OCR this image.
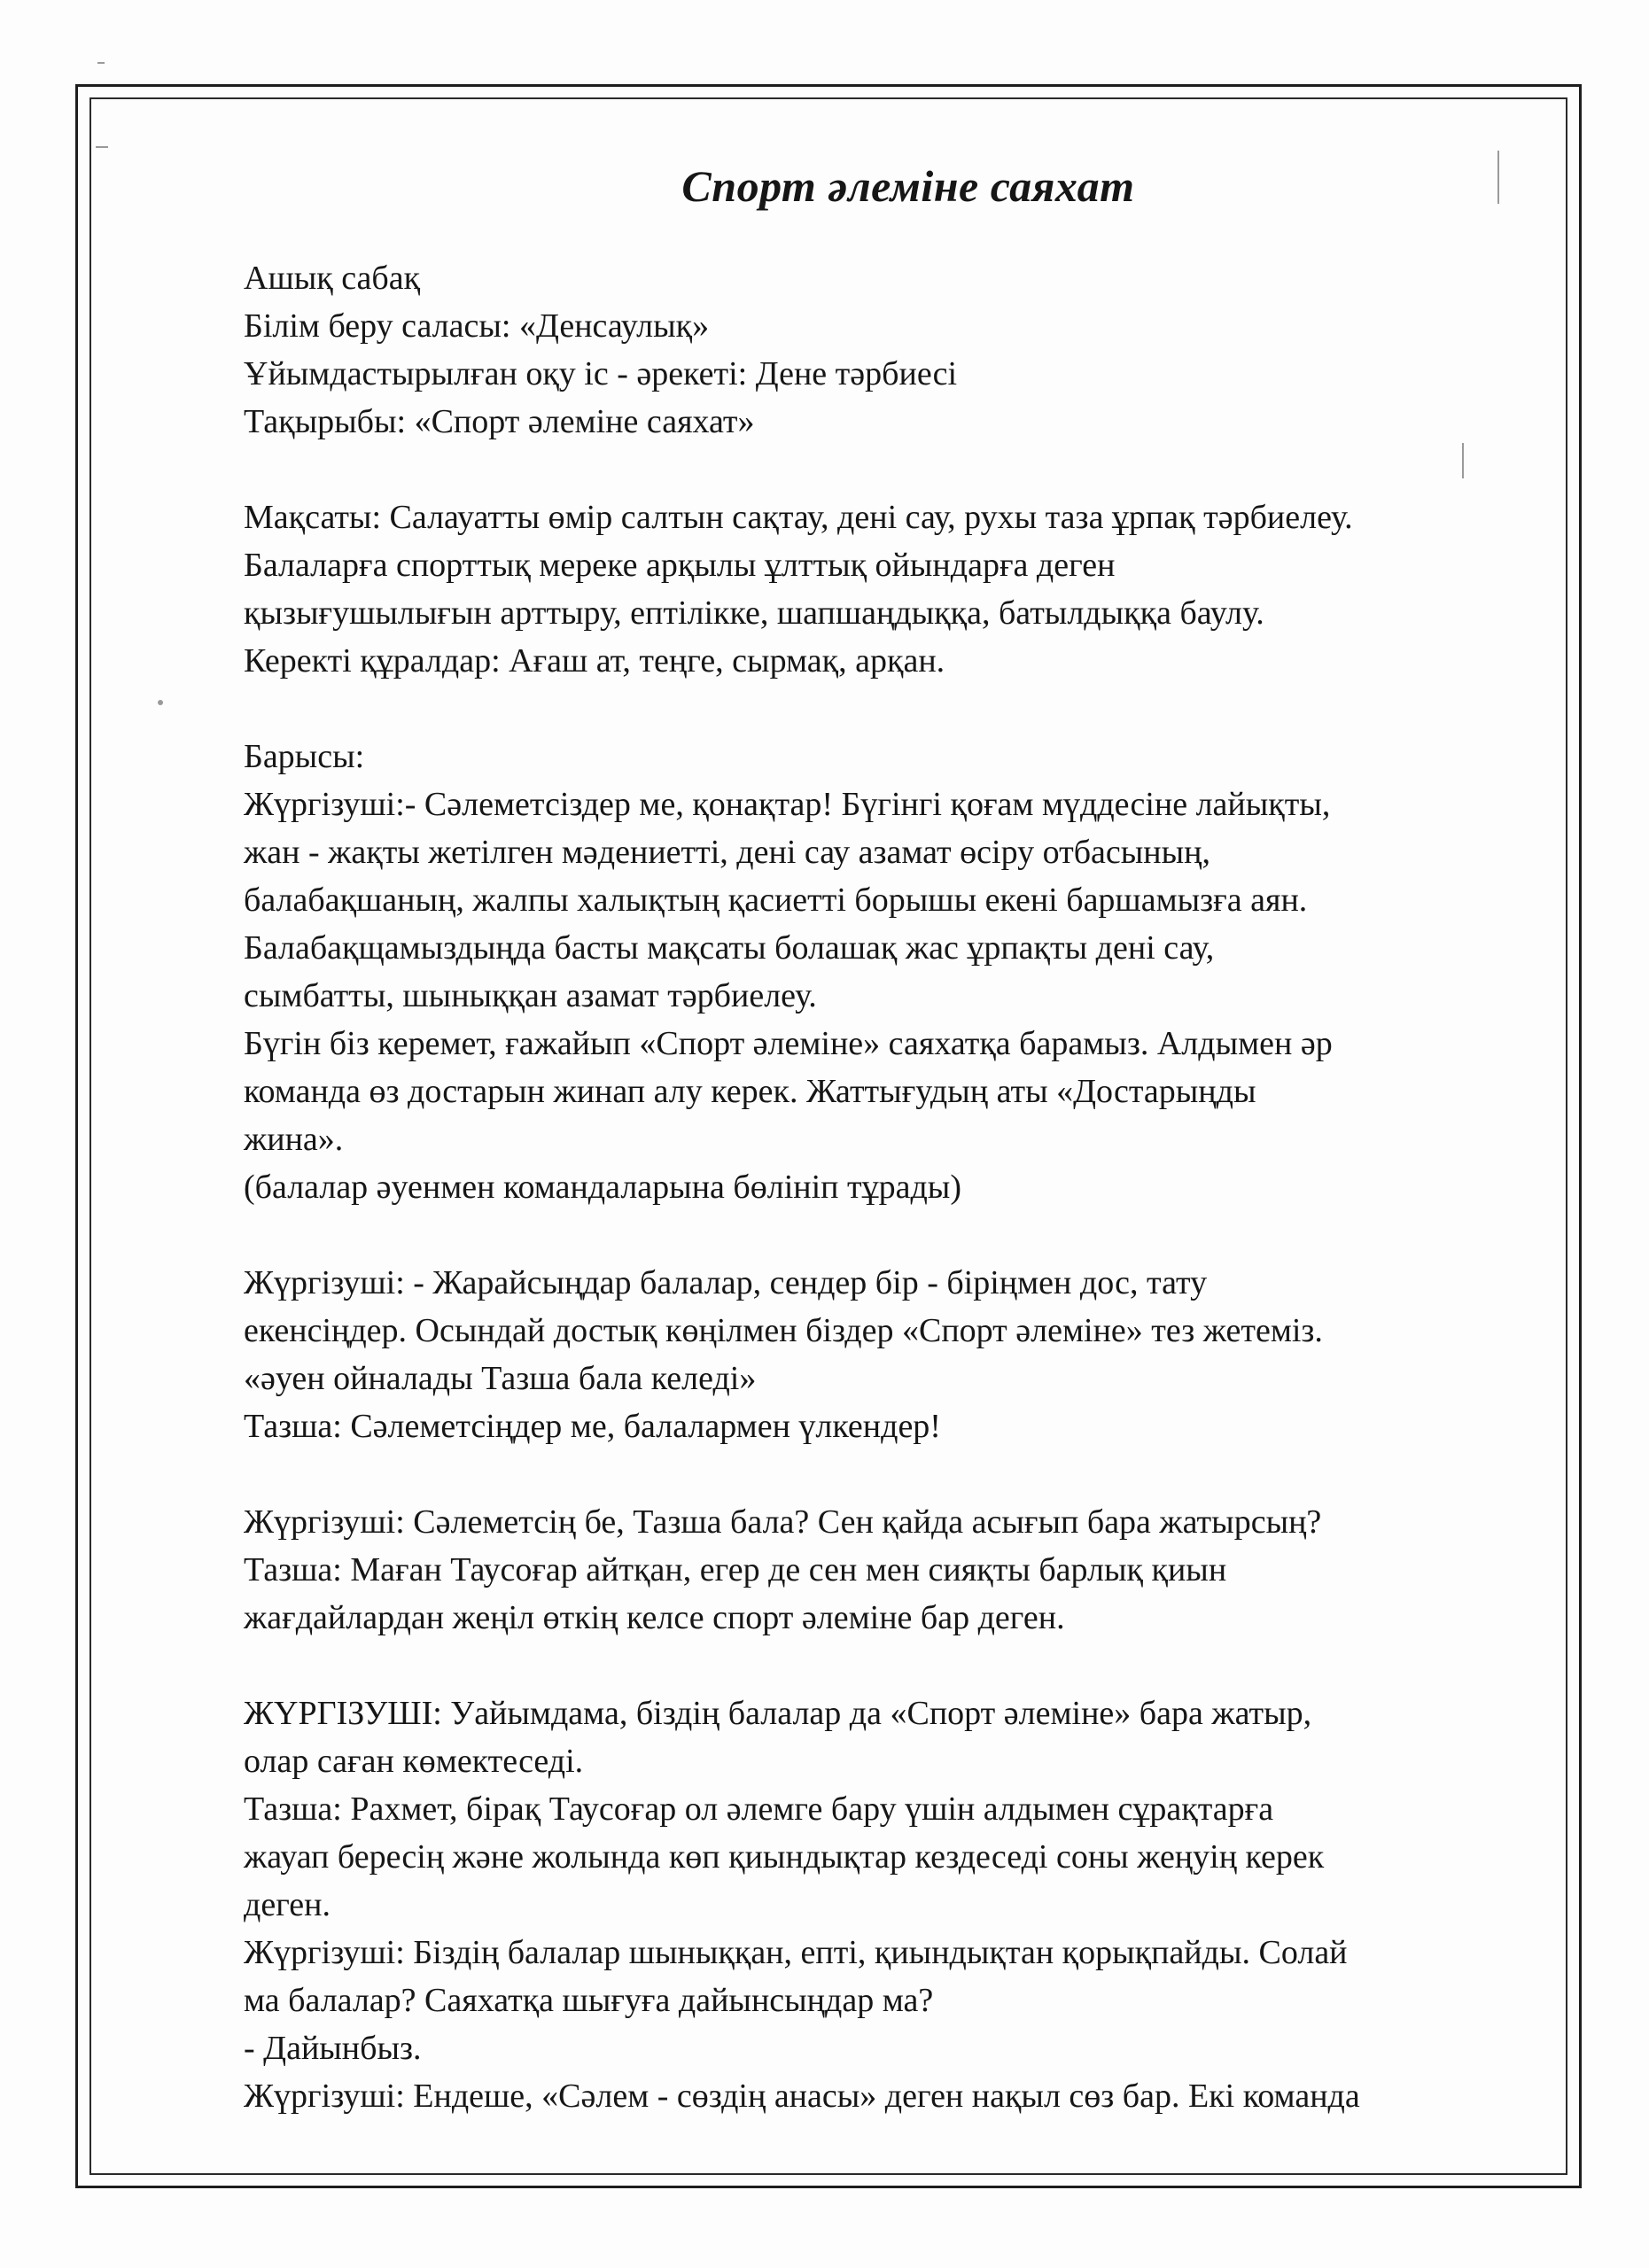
Спорт әлеміне саяхат

Ашық сабақ

Білім беру саласы: «Денсаулық»

Ұйымдастырылған оқу іс - әрекеті: Дене тәрбиесі

Тақырыбы: «Спорт әлеміне саяхат»

Мақсаты: Салауатты өмір салтын сақтау, дені сау, рухы таза ұрпақ тәрбиелеу.

Балаларға спорттық мереке арқылы ұлттық ойындарға деген

қызығушылығын арттыру, ептілікке, шапшаңдыққа, батылдыққа баулу.

Керекті құралдар: Ағаш ат, теңге, сырмақ, арқан.

Барысы:

Жүргізуші:- Сәлеметсіздер ме, қонақтар! Бүгінгі қоғам мүддесіне лайықты,

жан - жақты жетілген мәдениетті, дені сау азамат өсіру отбасының,

балабақшаның, жалпы халықтың қасиетті борышы екені баршамызға аян.

Балабақщамыздыңда басты мақсаты болашақ жас ұрпақты дені сау,

сымбатты, шыныққан азамат тәрбиелеу.

Бүгін біз керемет, ғажайып «Спорт әлеміне» саяхатқа барамыз. Алдымен әр

команда өз достарын жинап алу керек. Жаттығудың аты «Достарыңды

жина».

(балалар әуенмен командаларына бөлініп тұрады)

Жүргізуші: - Жарайсыңдар балалар, сендер бір - біріңмен дос, тату

екенсіңдер. Осындай достық көңілмен біздер «Спорт әлеміне» тез жетеміз.

«әуен ойналады Тазша бала келеді»

Тазша: Сәлеметсіңдер ме, балалармен үлкендер!

Жүргізуші: Сәлеметсің бе, Тазша бала? Сен қайда асығып бара жатырсың?

Тазша: Маған Таусоғар айтқан, егер де сен мен сияқты барлық қиын

жағдайлардан жеңіл өткің келсе спорт әлеміне бар деген.

ЖҮРГІЗУШІ: Уайымдама, біздің балалар да «Спорт әлеміне» бара жатыр,

олар саған көмектеседі.

Тазша: Рахмет, бірақ Таусоғар ол әлемге бару үшін алдымен сұрақтарға

жауап бересің және жолында көп қиындықтар кездеседі соны жеңуің керек

деген.

Жүргізуші: Біздің балалар шыныққан, епті, қиындықтан қорықпайды. Солай

ма балалар? Саяхатқа шығуға дайынсыңдар ма?

- Дайынбыз.

Жүргізуші: Ендеше, «Сәлем - сөздің анасы» деген нақыл сөз бар. Екі команда
